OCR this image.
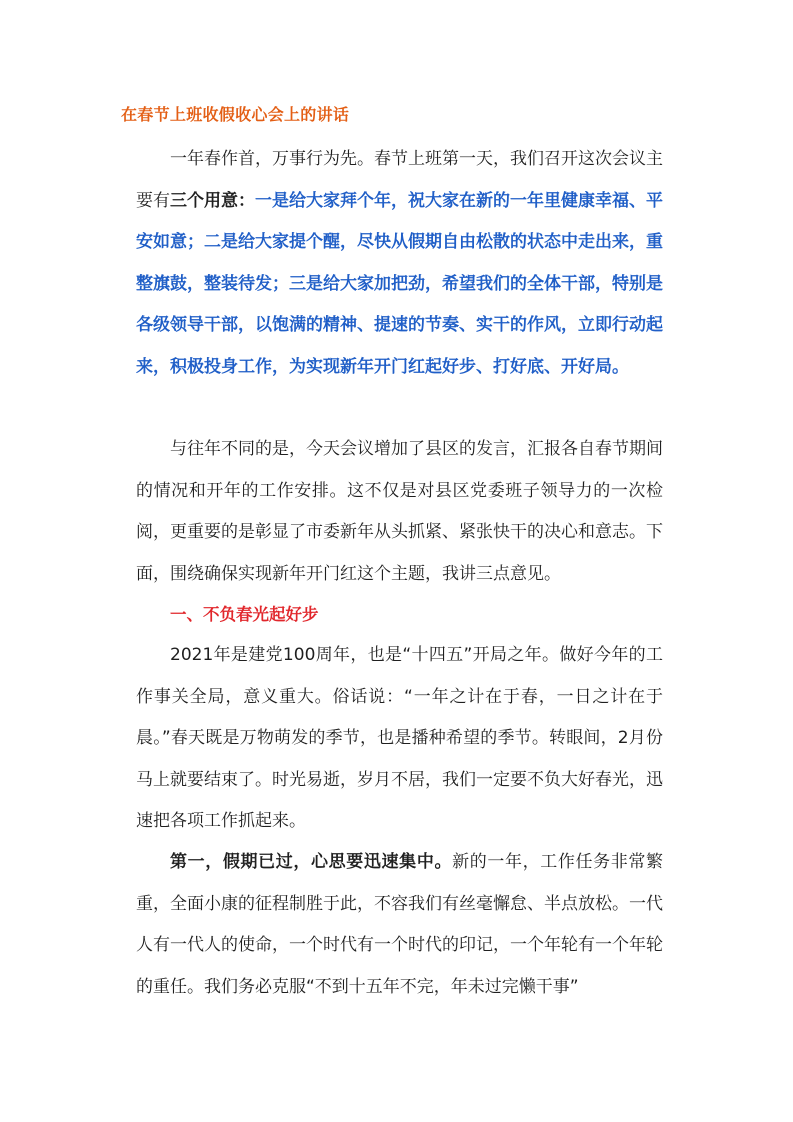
在春节上班收假收心会上的讲话

一年春作首，万事行为先。春节上班第一天，我们召开这次会议主要有三个用意：一是给大家拜个年，祝大家在新的一年里健康幸福、平安如意；二是给大家提个醒，尽快从假期自由松散的状态中走出来，重整旗鼓，整装待发；三是给大家加把劲，希望我们的全体干部，特别是各级领导干部，以饱满的精神、提速的节奏、实干的作风，立即行动起来，积极投身工作，为实现新年开门红起好步、打好底、开好局。

与往年不同的是，今天会议增加了县区的发言，汇报各自春节期间的情况和开年的工作安排。这不仅是对县区党委班子领导力的一次检阅，更重要的是彰显了市委新年从头抓紧、紧张快干的决心和意志。下面，围绕确保实现新年开门红这个主题，我讲三点意见。

一、不负春光起好步

2021年是建党100周年，也是“十四五”开局之年。做好今年的工作事关全局，意义重大。俗话说：“一年之计在于春，一日之计在于晨。”春天既是万物萌发的季节，也是播种希望的季节。转眼间，2月份马上就要结束了。时光易逝，岁月不居，我们一定要不负大好春光，迅速把各项工作抓起来。

第一，假期已过，心思要迅速集中。新的一年，工作任务非常繁重，全面小康的征程制胜于此，不容我们有丝毫懈怠、半点放松。一代人有一代人的使命，一个时代有一个时代的印记，一个年轮有一个年轮的重任。我们务必克服“不到十五年不完，年未过完懒干事”
